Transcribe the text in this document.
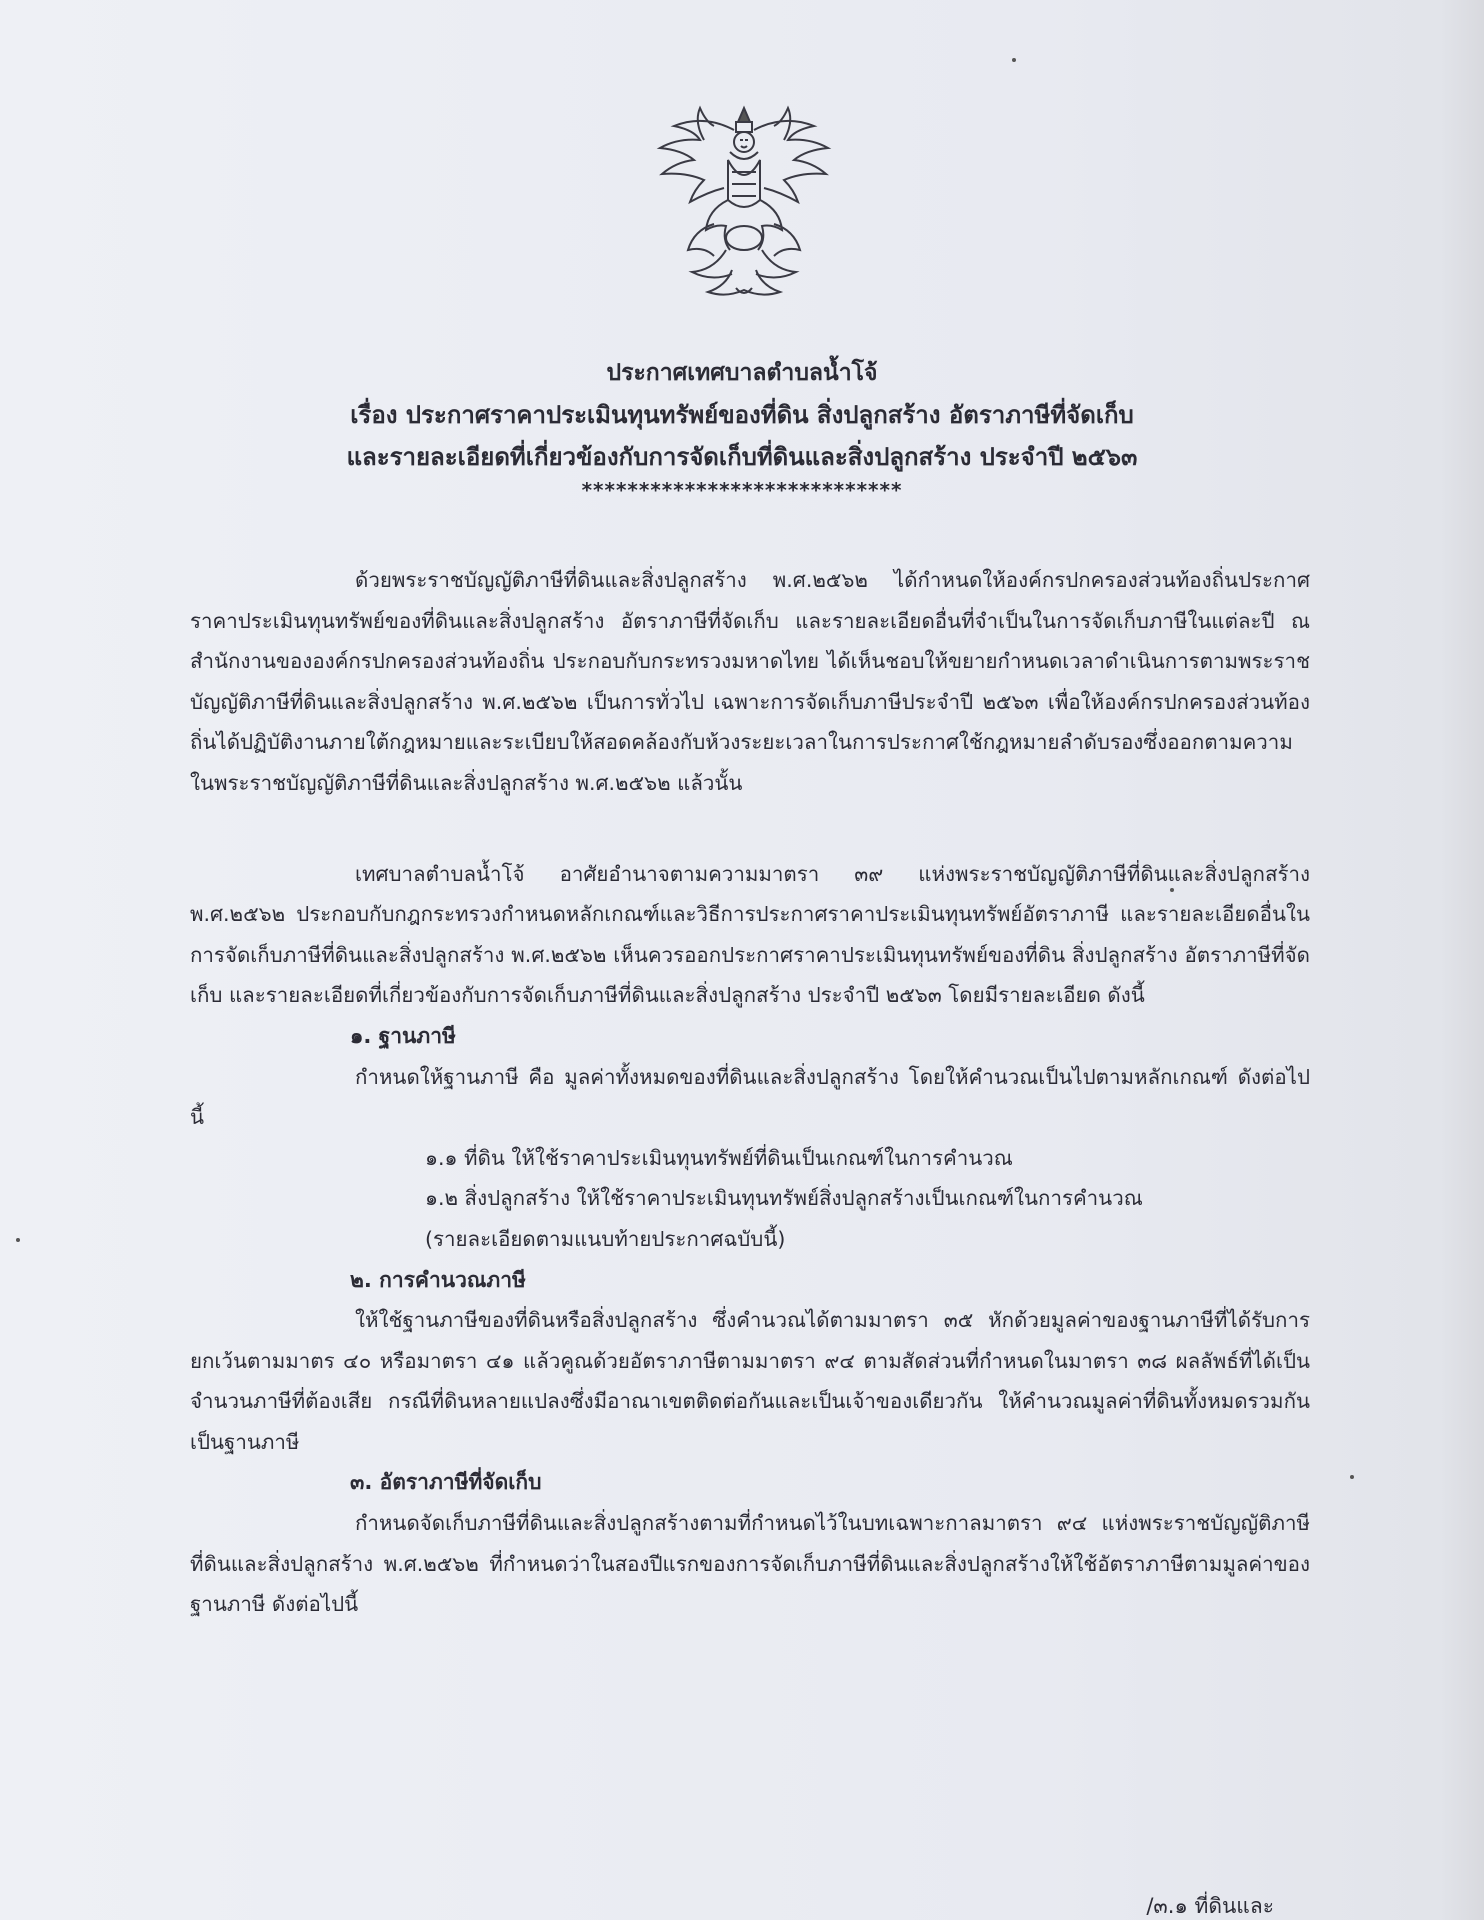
ประกาศเทศบาลตำบลน้ำโจ้
เรื่อง ประกาศราคาประเมินทุนทรัพย์ของที่ดิน สิ่งปลูกสร้าง อัตราภาษีที่จัดเก็บ
และรายละเอียดที่เกี่ยวข้องกับการจัดเก็บที่ดินและสิ่งปลูกสร้าง ประจำปี ๒๕๖๓
****************************

ด้วยพระราชบัญญัติภาษีที่ดินและสิ่งปลูกสร้าง พ.ศ.๒๕๖๒ ได้กำหนดให้องค์กรปกครองส่วนท้องถิ่นประกาศราคาประเมินทุนทรัพย์ของที่ดินและสิ่งปลูกสร้าง อัตราภาษีที่จัดเก็บ และรายละเอียดอื่นที่จำเป็นในการจัดเก็บภาษีในแต่ละปี ณ สำนักงานขององค์กรปกครองส่วนท้องถิ่น ประกอบกับกระทรวงมหาดไทย ได้เห็นชอบให้ขยายกำหนดเวลาดำเนินการตามพระราชบัญญัติภาษีที่ดินและสิ่งปลูกสร้าง พ.ศ.๒๕๖๒ เป็นการทั่วไป เฉพาะการจัดเก็บภาษีประจำปี ๒๕๖๓ เพื่อให้องค์กรปกครองส่วนท้องถิ่นได้ปฏิบัติงานภายใต้กฎหมายและระเบียบให้สอดคล้องกับห้วงระยะเวลาในการประกาศใช้กฎหมายลำดับรองซึ่งออกตามความในพระราชบัญญัติภาษีที่ดินและสิ่งปลูกสร้าง พ.ศ.๒๕๖๒ แล้วนั้น

เทศบาลตำบลน้ำโจ้ อาศัยอำนาจตามความมาตรา ๓๙ แห่งพระราชบัญญัติภาษีที่ดินและสิ่งปลูกสร้าง พ.ศ.๒๕๖๒ ประกอบกับกฎกระทรวงกำหนดหลักเกณฑ์และวิธีการประกาศราคาประเมินทุนทรัพย์อัตราภาษี และรายละเอียดอื่นในการจัดเก็บภาษีที่ดินและสิ่งปลูกสร้าง พ.ศ.๒๕๖๒ เห็นควรออกประกาศราคาประเมินทุนทรัพย์ของที่ดิน สิ่งปลูกสร้าง อัตราภาษีที่จัดเก็บ และรายละเอียดที่เกี่ยวข้องกับการจัดเก็บภาษีที่ดินและสิ่งปลูกสร้าง ประจำปี ๒๕๖๓ โดยมีรายละเอียด ดังนี้

๑. ฐานภาษี

กำหนดให้ฐานภาษี คือ มูลค่าทั้งหมดของที่ดินและสิ่งปลูกสร้าง โดยให้คำนวณเป็นไปตามหลักเกณฑ์ ดังต่อไปนี้

๑.๑ ที่ดิน ให้ใช้ราคาประเมินทุนทรัพย์ที่ดินเป็นเกณฑ์ในการคำนวณ
๑.๒ สิ่งปลูกสร้าง ให้ใช้ราคาประเมินทุนทรัพย์สิ่งปลูกสร้างเป็นเกณฑ์ในการคำนวณ
(รายละเอียดตามแนบท้ายประกาศฉบับนี้)
๒. การคำนวณภาษี

ให้ใช้ฐานภาษีของที่ดินหรือสิ่งปลูกสร้าง ซึ่งคำนวณได้ตามมาตรา ๓๕ หักด้วยมูลค่าของฐานภาษีที่ได้รับการยกเว้นตามมาตร ๔๐ หรือมาตรา ๔๑ แล้วคูณด้วยอัตราภาษีตามมาตรา ๙๔ ตามสัดส่วนที่กำหนดในมาตรา ๓๘ ผลลัพธ์ที่ได้เป็นจำนวนภาษีที่ต้องเสีย กรณีที่ดินหลายแปลงซึ่งมีอาณาเขตติดต่อกันและเป็นเจ้าของเดียวกัน ให้คำนวณมูลค่าที่ดินทั้งหมดรวมกันเป็นฐานภาษี

๓. อัตราภาษีที่จัดเก็บ

กำหนดจัดเก็บภาษีที่ดินและสิ่งปลูกสร้างตามที่กำหนดไว้ในบทเฉพาะกาลมาตรา ๙๔ แห่งพระราชบัญญัติภาษีที่ดินและสิ่งปลูกสร้าง พ.ศ.๒๕๖๒ ที่กำหนดว่าในสองปีแรกของการจัดเก็บภาษีที่ดินและสิ่งปลูกสร้างให้ใช้อัตราภาษีตามมูลค่าของฐานภาษี ดังต่อไปนี้

/๓.๑ ที่ดินและ
